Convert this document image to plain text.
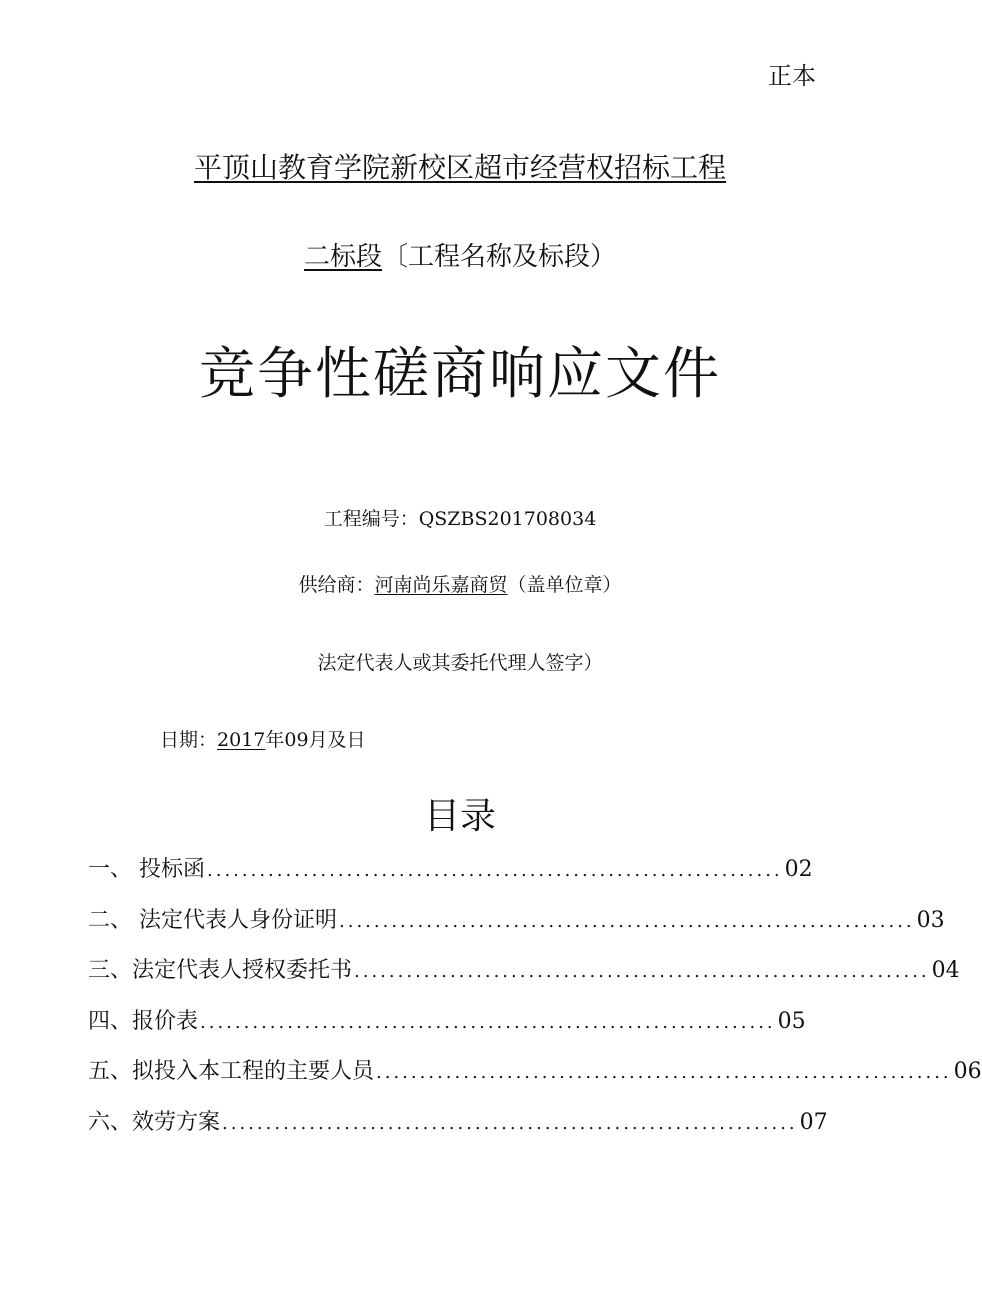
正本
平顶山教育学院新校区超市经营权招标工程
二标段〔工程名称及标段）
竞争性磋商响应文件
工程编号：QSZBS201708034
供给商：河南尚乐嘉商贸（盖单位章）
法定代表人或其委托代理人签字）
日期：2017年09月及日
目录
一、 投标函 .................................................................. 02
二、 法定代表人身份证明 .................................................................. 03
三、法定代表人授权委托书 .................................................................. 04
四、报价表 .................................................................. 05
五、拟投入本工程的主要人员 .................................................................. 06
六、效劳方案 .................................................................. 07
